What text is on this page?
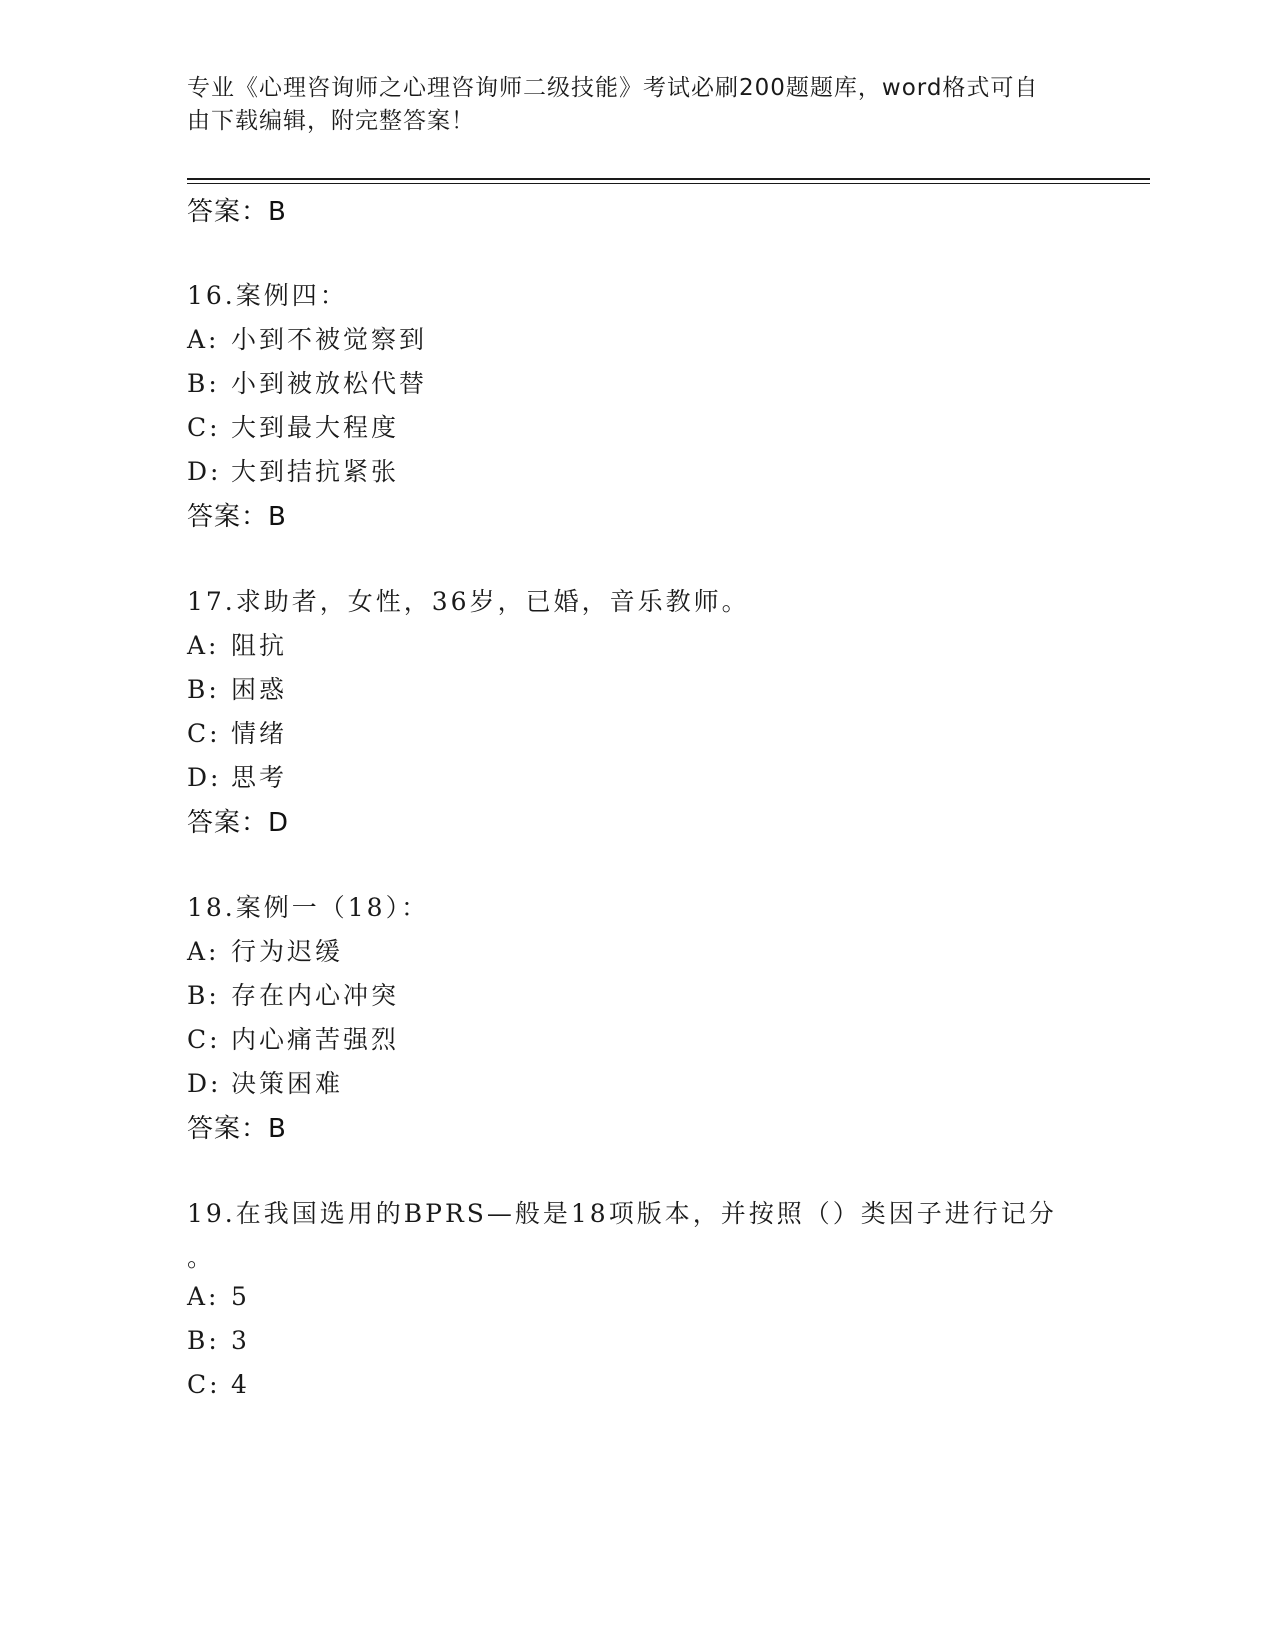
专业《心理咨询师之心理咨询师二级技能》考试必刷200题题库，word格式可自
由下载编辑，附完整答案！
答案：B
16.案例四：
A: 小到不被觉察到
B: 小到被放松代替
C: 大到最大程度
D: 大到拮抗紧张
答案：B
17.求助者，女性，36岁，已婚，音乐教师。
A: 阻抗
B: 困惑
C: 情绪
D: 思考
答案：D
18.案例一（18）：
A: 行为迟缓
B: 存在内心冲突
C: 内心痛苦强烈
D: 决策困难
答案：B
19.在我国选用的BPRS—般是18项版本，并按照（）类因子进行记分
。
A: 5
B: 3
C: 4
